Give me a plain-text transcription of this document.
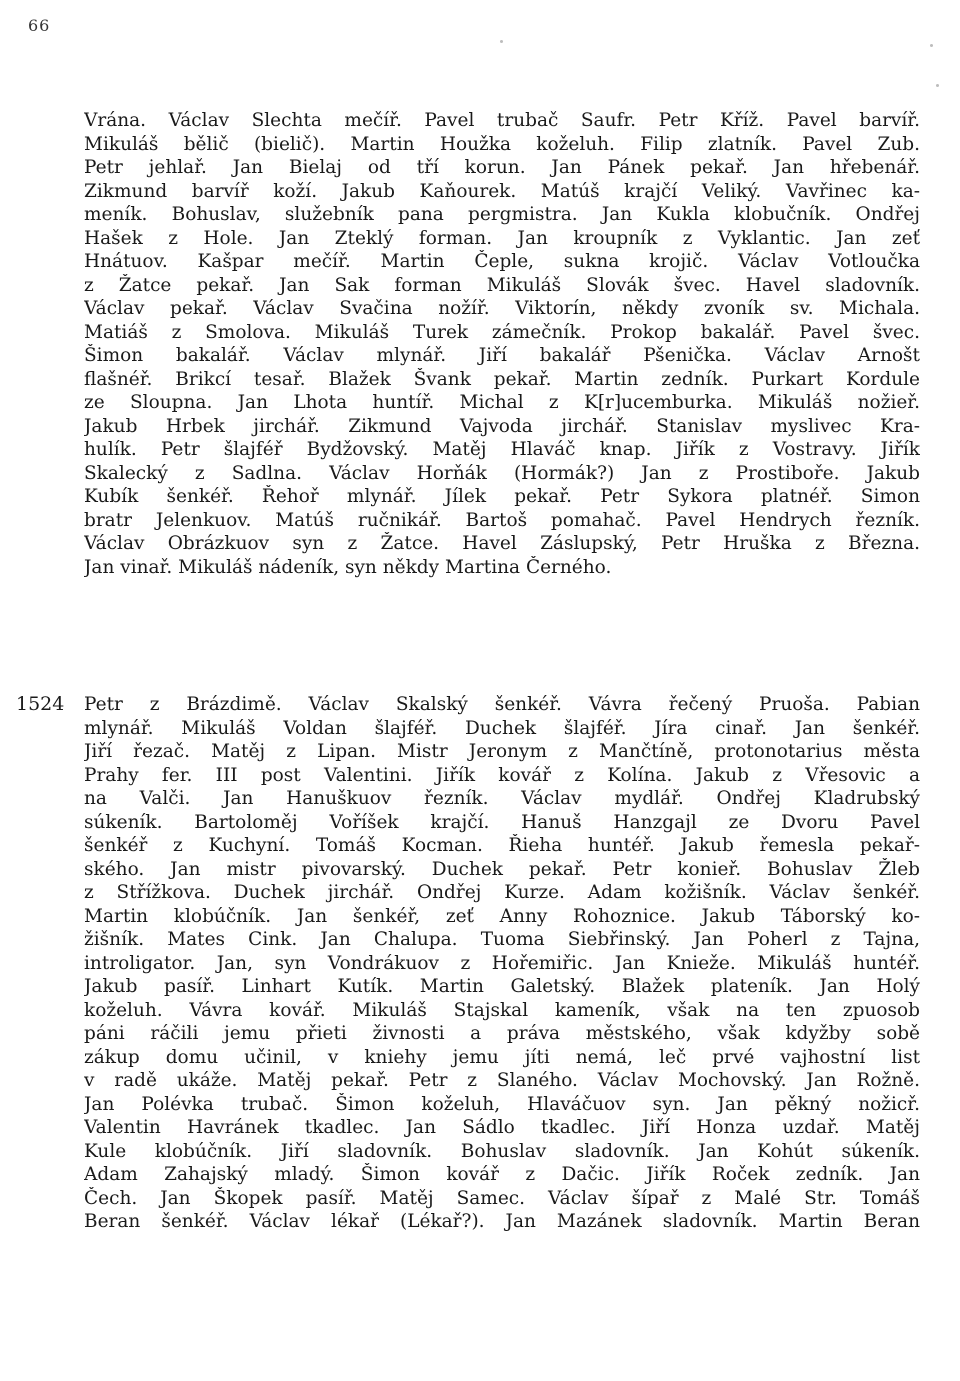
66
Vrána. Václav Slechta mečíř. Pavel trubač Saufr. Petr Kříž. Pavel barvíř.
Mikuláš bělič (bielič). Martin Houžka koželuh. Filip zlatník. Pavel Zub.
Petr jehlař. Jan Bielaj od tří korun. Jan Pánek pekař. Jan hřebenář.
Zikmund barvíř koží. Jakub Kaňourek. Matúš krajčí Veliký. Vavřinec ka-
meník. Bohuslav, služebník pana pergmistra. Jan Kukla klobučník. Ondřej
Hašek z Hole. Jan Zteklý forman. Jan kroupník z Vyklantic. Jan zeť
Hnátuov. Kašpar mečíř. Martin Čeple, sukna krojič. Václav Votloučka
z Žatce pekař. Jan Sak forman Mikuláš Slovák švec. Havel sladovník.
Václav pekař. Václav Svačina nožíř. Viktorín, někdy zvoník sv. Michala.
Matiáš z Smolova. Mikuláš Turek zámečník. Prokop bakalář. Pavel švec.
Šimon bakalář. Václav mlynář. Jiří bakalář Pšenička. Václav Arnošt
flašnéř. Brikcí tesař. Blažek Švank pekař. Martin zedník. Purkart Kordule
ze Sloupna. Jan Lhota huntíř. Michal z K[r]ucemburka. Mikuláš nožieř.
Jakub Hrbek jirchář. Zikmund Vajvoda jirchář. Stanislav myslivec Kra-
hulík. Petr šlajféř Bydžovský. Matěj Hlaváč knap. Jiřík z Vostravy. Jiřík
Skalecký z Sadlna. Václav Horňák (Hormák?) Jan z Prostiboře. Jakub
Kubík šenkéř. Řehoř mlynář. Jílek pekař. Petr Sykora platnéř. Simon
bratr Jelenkuov. Matúš ručnikář. Bartoš pomahač. Pavel Hendrych řezník.
Václav Obrázkuov syn z Žatce. Havel Záslupský, Petr Hruška z Března.
Jan vinař. Mikuláš nádeník, syn někdy Martina Černého.
1524 Petr z Brázdimě. Václav Skalský šenkéř. Vávra řečený Pruoša. Pabian
mlynář. Mikuláš Voldan šlajféř. Duchek šlajféř. Jíra cinař. Jan šenkéř.
Jiří řezač. Matěj z Lipan. Mistr Jeronym z Mančtíně, protonotarius města
Prahy fer. III post Valentini. Jiřík kovář z Kolína. Jakub z Vřesovic a
na Valči. Jan Hanuškuov řezník. Václav mydlář. Ondřej Kladrubský
súkeník. Bartoloměj Voříšek krajčí. Hanuš Hanzgajl ze Dvoru Pavel
šenkéř z Kuchyní. Tomáš Kocman. Řieha huntéř. Jakub řemesla pekař-
ského. Jan mistr pivovarský. Duchek pekař. Petr konieř. Bohuslav Žleb
z Střížkova. Duchek jirchář. Ondřej Kurze. Adam kožišník. Václav šenkéř.
Martin klobúčník. Jan šenkéř, zeť Anny Rohoznice. Jakub Táborský ko-
žišník. Mates Cink. Jan Chalupa. Tuoma Siebřinský. Jan Poherl z Tajna,
introligator. Jan, syn Vondrákuov z Hořemiřic. Jan Knieže. Mikuláš huntéř.
Jakub pasíř. Linhart Kutík. Martin Galetský. Blažek plateník. Jan Holý
koželuh. Vávra kovář. Mikuláš Stajskal kameník, však na ten zpuosob
páni ráčili jemu přieti živnosti a práva městského, však kdyžby sobě
zákup domu učinil, v kniehy jemu jíti nemá, leč prvé vajhostní list
v radě ukáže. Matěj pekař. Petr z Slaného. Václav Mochovský. Jan Rožně.
Jan Polévka trubač. Šimon koželuh, Hlaváčuov syn. Jan pěkný nožicř.
Valentin Havránek tkadlec. Jan Sádlo tkadlec. Jiří Honza uzdař. Matěj
Kule klobúčník. Jiří sladovník. Bohuslav sladovník. Jan Kohút súkeník.
Adam Zahajský mladý. Šimon kovář z Dačic. Jiřík Roček zedník. Jan
Čech. Jan Škopek pasíř. Matěj Samec. Václav šípař z Malé Str. Tomáš
Beran šenkéř. Václav lékař (Lékař?). Jan Mazánek sladovník. Martin Beran
